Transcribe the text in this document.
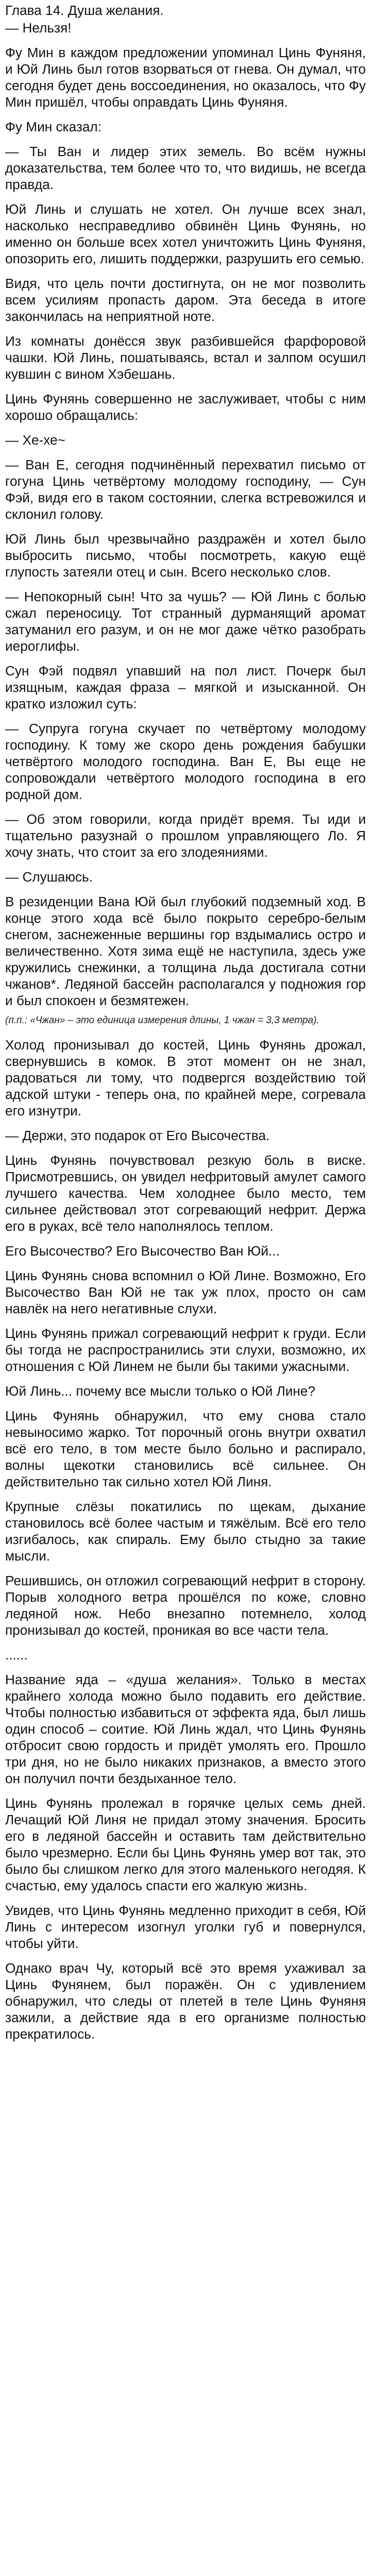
Глава 14. Душа желания.

— Нельзя!

Фу Мин в каждом предложении упоминал Цинь Фуняня, и Юй Линь был готов взорваться от гнева. Он думал, что сегодня будет день воссоединения, но оказалось, что Фу Мин пришёл, чтобы оправдать Цинь Фуняня.

Фу Мин сказал:

— Ты Ван и лидер этих земель. Во всём нужны доказательства, тем более что то, что видишь, не всегда правда.

Юй Линь и слушать не хотел. Он лучше всех знал, насколько несправедливо обвинён Цинь Фунянь, но именно он больше всех хотел уничтожить Цинь Фуняня, опозорить его, лишить поддержки, разрушить его семью.

Видя, что цель почти достигнута, он не мог позволить всем усилиям пропасть даром. Эта беседа в итоге закончилась на неприятной ноте.

Из комнаты донёсся звук разбившейся фарфоровой чашки. Юй Линь, пошатываясь, встал и залпом осушил кувшин с вином Хэбешань.

Цинь Фунянь совершенно не заслуживает, чтобы с ним хорошо обращались:

— Хе-хе~

— Ван Е, сегодня подчинённый перехватил письмо от гогуна Цинь четвёртому молодому господину, — Сун Фэй, видя его в таком состоянии, слегка встревожился и склонил голову.

Юй Линь был чрезвычайно раздражён и хотел было выбросить письмо, чтобы посмотреть, какую ещё глупость затеяли отец и сын. Всего несколько слов.

— Непокорный сын! Что за чушь? — Юй Линь с болью сжал переносицу. Тот странный дурманящий аромат затуманил его разум, и он не мог даже чётко разобрать иероглифы.

Сун Фэй подвял упавший на пол лист. Почерк был изящным, каждая фраза – мягкой и изысканной. Он кратко изложил суть:

— Супруга гогуна скучает по четвёртому молодому господину. К тому же скоро день рождения бабушки четвёртого молодого господина. Ван Е, Вы еще не сопровождали четвёртого молодого господина в его родной дом.

— Об этом говорили, когда придёт время. Ты иди и тщательно разузнай о прошлом управляющего Ло. Я хочу знать, что стоит за его злодеяниями.

— Слушаюсь.

В резиденции Вана Юй был глубокий подземный ход. В конце этого хода всё было покрыто серебро-белым снегом, заснеженные вершины гор вздымались остро и величественно. Хотя зима ещё не наступила, здесь уже кружились снежинки, а толщина льда достигала сотни чжанов*. Ледяной бассейн располагался у подножия гор и был спокоен и безмятежен.

(п.п.: «Чжан» – это единица измерения длины, 1 чжан = 3,3 метра).

Холод пронизывал до костей, Цинь Фунянь дрожал, свернувшись в комок. В этот момент он не знал, радоваться ли тому, что подвергся воздействию той адской штуки - теперь она, по крайней мере, согревала его изнутри.

— Держи, это подарок от Его Высочества.

Цинь Фунянь почувствовал резкую боль в виске. Присмотревшись, он увидел нефритовый амулет самого лучшего качества. Чем холоднее было место, тем сильнее действовал этот согревающий нефрит. Держа его в руках, всё тело наполнялось теплом.

Его Высочество? Его Высочество Ван Юй...

Цинь Фунянь снова вспомнил о Юй Лине. Возможно, Его Высочество Ван Юй не так уж плох, просто он сам навлёк на него негативные слухи.

Цинь Фунянь прижал согревающий нефрит к груди. Если бы тогда не распространились эти слухи, возможно, их отношения с Юй Линем не были бы такими ужасными.

Юй Линь... почему все мысли только о Юй Лине?

Цинь Фунянь обнаружил, что ему снова стало невыносимо жарко. Тот порочный огонь внутри охватил всё его тело, в том месте было больно и распирало, волны щекотки становились всё сильнее. Он действительно так сильно хотел Юй Линя.

Крупные слёзы покатились по щекам, дыхание становилось всё более частым и тяжёлым. Всё его тело изгибалось, как спираль. Ему было стыдно за такие мысли.

Решившись, он отложил согревающий нефрит в сторону. Порыв холодного ветра прошёлся по коже, словно ледяной нож. Небо внезапно потемнело, холод пронизывал до костей, проникая во все части тела.

......

Название яда – «душа желания». Только в местах крайнего холода можно было подавить его действие. Чтобы полностью избавиться от эффекта яда, был лишь один способ – соитие. Юй Линь ждал, что Цинь Фунянь отбросит свою гордость и придёт умолять его. Прошло три дня, но не было никаких признаков, а вместо этого он получил почти бездыханное тело.

Цинь Фунянь пролежал в горячке целых семь дней. Лечащий Юй Линя не придал этому значения. Бросить его в ледяной бассейн и оставить там действительно было чрезмерно. Если бы Цинь Фунянь умер вот так, это было бы слишком легко для этого маленького негодяя. К счастью, ему удалось спасти его жалкую жизнь.

Увидев, что Цинь Фунянь медленно приходит в себя, Юй Линь с интересом изогнул уголки губ и повернулся, чтобы уйти.

Однако врач Чу, который всё это время ухаживал за Цинь Фунянем, был поражён. Он с удивлением обнаружил, что следы от плетей в теле Цинь Фуняня зажили, а действие яда в его организме полностью прекратилось.
